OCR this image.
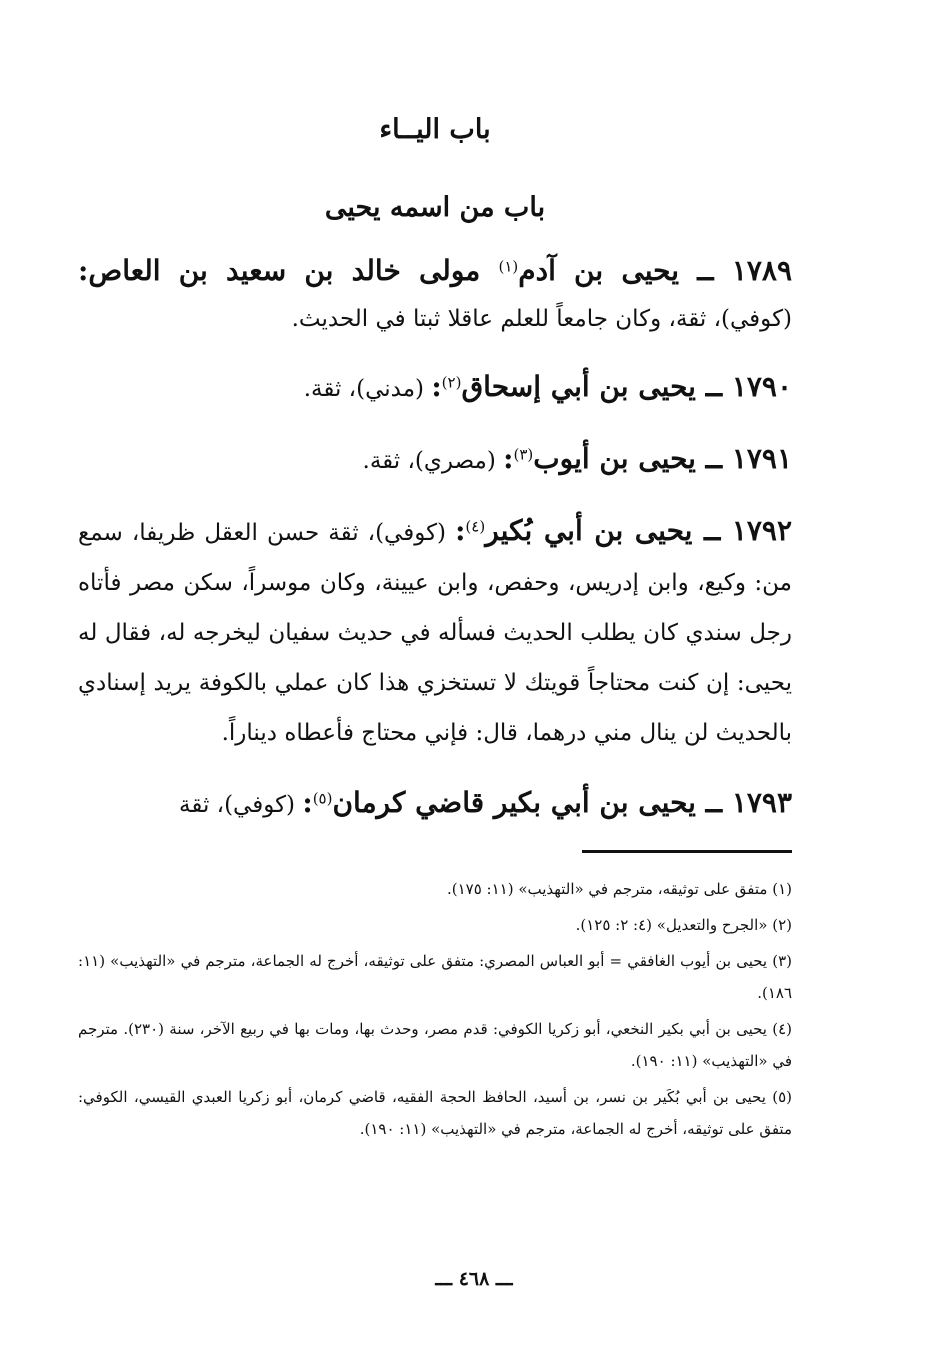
باب اليــاء
باب من اسمه يحيى
١٧٨٩ ــ يحيى بن آدم$^{(١)}$ مولى خالد بن سعيد بن العاص: (كوفي)، ثقة، وكان جامعاً للعلم عاقلا ثبتا في الحديث.
١٧٩٠ ــ يحيى بن أبي إسحاق$^{(٢)}$: (مدني)، ثقة.
١٧٩١ ــ يحيى بن أيوب$^{(٣)}$: (مصري)، ثقة.
١٧٩٢ ــ يحيى بن أبي بُكير$^{(٤)}$: (كوفي)، ثقة حسن العقل ظريفا، سمع من: وكيع، وابن إدريس، وحفص، وابن عيينة، وكان موسراً، سكن مصر فأتاه رجل سندي كان يطلب الحديث فسأله في حديث سفيان ليخرجه له، فقال له يحيى: إن كنت محتاجاً قويتك لا تستخزي هذا كان عملي بالكوفة يريد إسنادي بالحديث لن ينال مني درهما، قال: فإني محتاج فأعطاه ديناراً.
١٧٩٣ ــ يحيى بن أبي بكير قاضي كرمان$^{(٥)}$: (كوفي)، ثقة
(١) متفق على توثيقه، مترجم في «التهذيب» (١١: ١٧٥).
(٢) «الجرح والتعديل» (٤: ٢: ١٢٥).
(٣) يحيى بن أيوب الغافقي = أبو العباس المصري: متفق على توثيقه، أخرج له الجماعة، مترجم في «التهذيب» (١١: ١٨٦).
(٤) يحيى بن أبي بكير النخعي، أبو زكريا الكوفي: قدم مصر، وحدث بها، ومات بها في ربيع الآخر، سنة (٢٣٠). مترجم في «التهذيب» (١١: ١٩٠).
(٥) يحيى بن أبي بُكَير بن نسر، بن أسيد، الحافظ الحجة الفقيه، قاضي كرمان، أبو زكريا العبدي القيسي، الكوفي: متفق على توثيقه، أخرج له الجماعة، مترجم في «التهذيب» (١١: ١٩٠).
ـــ ٤٦٨ ـــ
